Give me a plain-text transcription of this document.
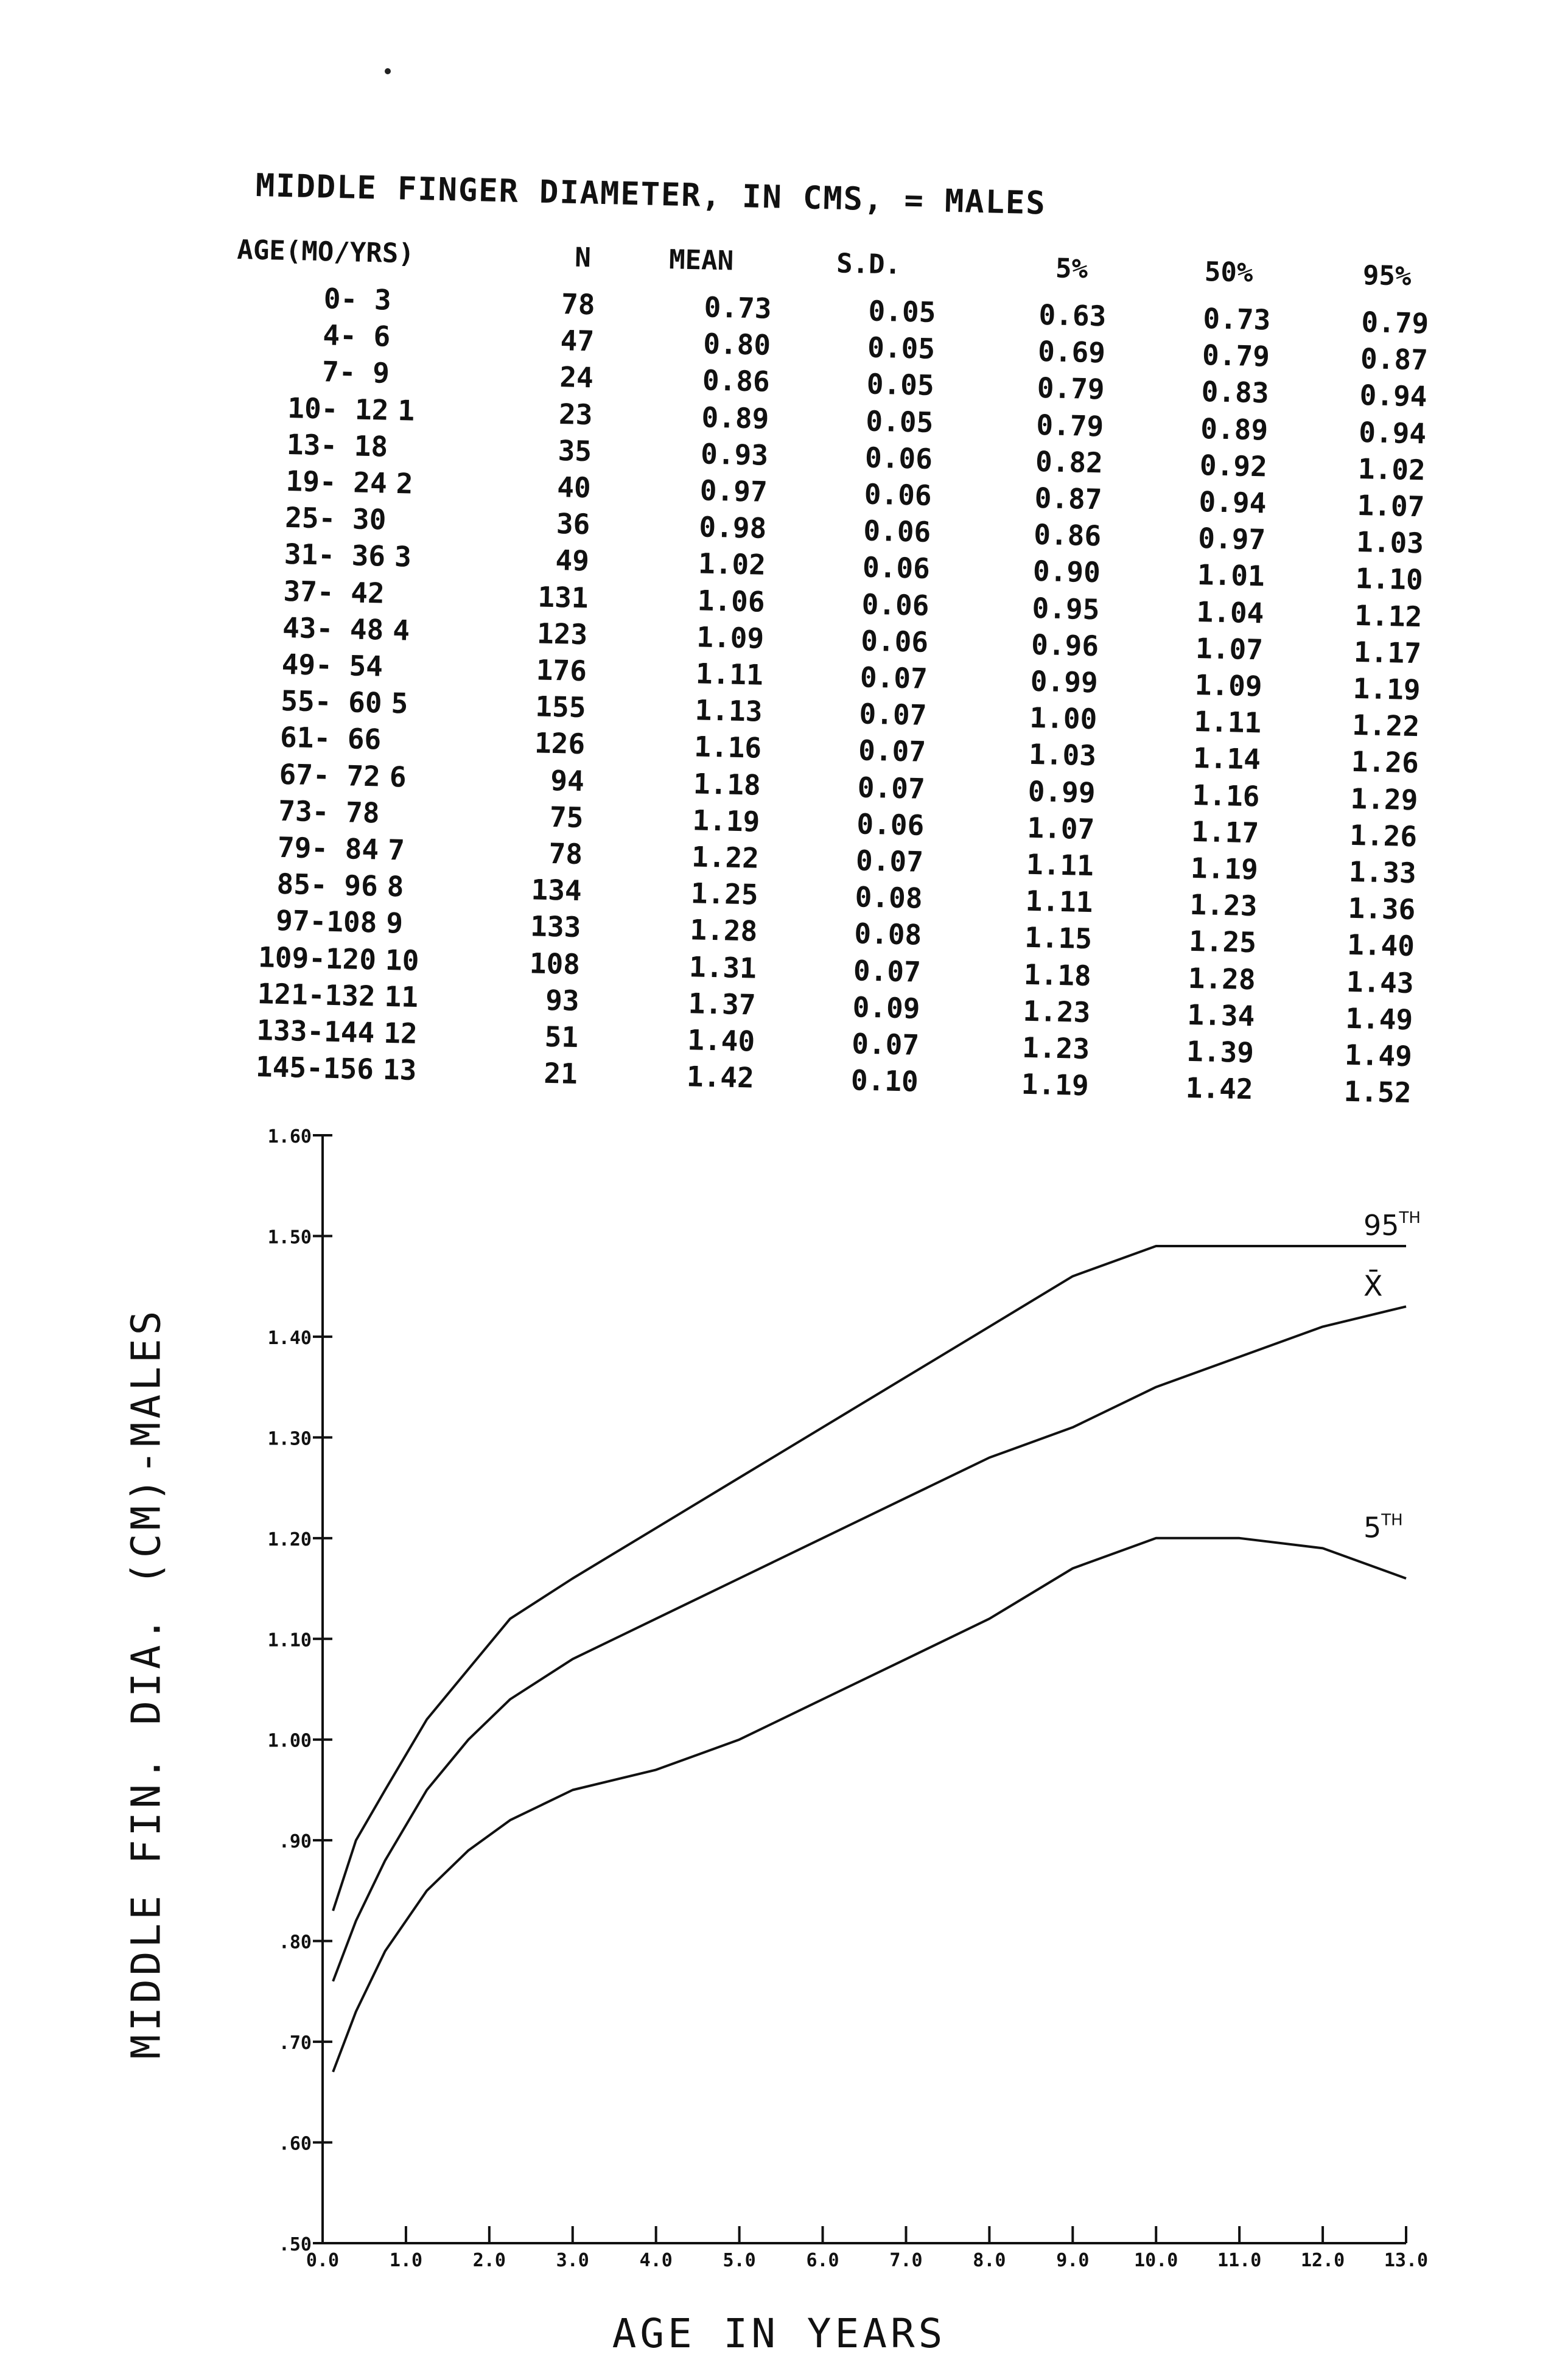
MIDDLE FINGER DIAMETER, IN CMS, = MALES
AGE(MO/YRS)	N	MEAN	S.D.	5%	50%	95%
0- 3	78	0.73	0.05	0.63	0.73	0.79
4- 6	47	0.80	0.05	0.69	0.79	0.87
7- 9	24	0.86	0.05	0.79	0.83	0.94
10- 12 1	23	0.89	0.05	0.79	0.89	0.94
13- 18	35	0.93	0.06	0.82	0.92	1.02
19- 24 2	40	0.97	0.06	0.87	0.94	1.07
25- 30	36	0.98	0.06	0.86	0.97	1.03
31- 36 3	49	1.02	0.06	0.90	1.01	1.10
37- 42	131	1.06	0.06	0.95	1.04	1.12
43- 48 4	123	1.09	0.06	0.96	1.07	1.17
49- 54	176	1.11	0.07	0.99	1.09	1.19
55- 60 5	155	1.13	0.07	1.00	1.11	1.22
61- 66	126	1.16	0.07	1.03	1.14	1.26
67- 72 6	94	1.18	0.07	0.99	1.16	1.29
73- 78	75	1.19	0.06	1.07	1.17	1.26
79- 84 7	78	1.22	0.07	1.11	1.19	1.33
85- 96 8	134	1.25	0.08	1.11	1.23	1.36
97-108 9	133	1.28	0.08	1.15	1.25	1.40
109-120 10	108	1.31	0.07	1.18	1.28	1.43
121-132 11	93	1.37	0.09	1.23	1.34	1.49
133-144 12	51	1.40	0.07	1.23	1.39	1.49
145-156 13	21	1.42	0.10	1.19	1.42	1.52
.50
.60
.70
.80
.90
1.00
1.10
1.20
1.30
1.40
1.50
1.60
0.0	1.0	2.0	3.0	4.0	5.0	6.0	7.0	8.0	9.0 10.0 11.0 12.0 13.0
95TH
X̄
5TH
MIDDLE FIN. DIA. (CM)-MALES
AGE IN YEARS
